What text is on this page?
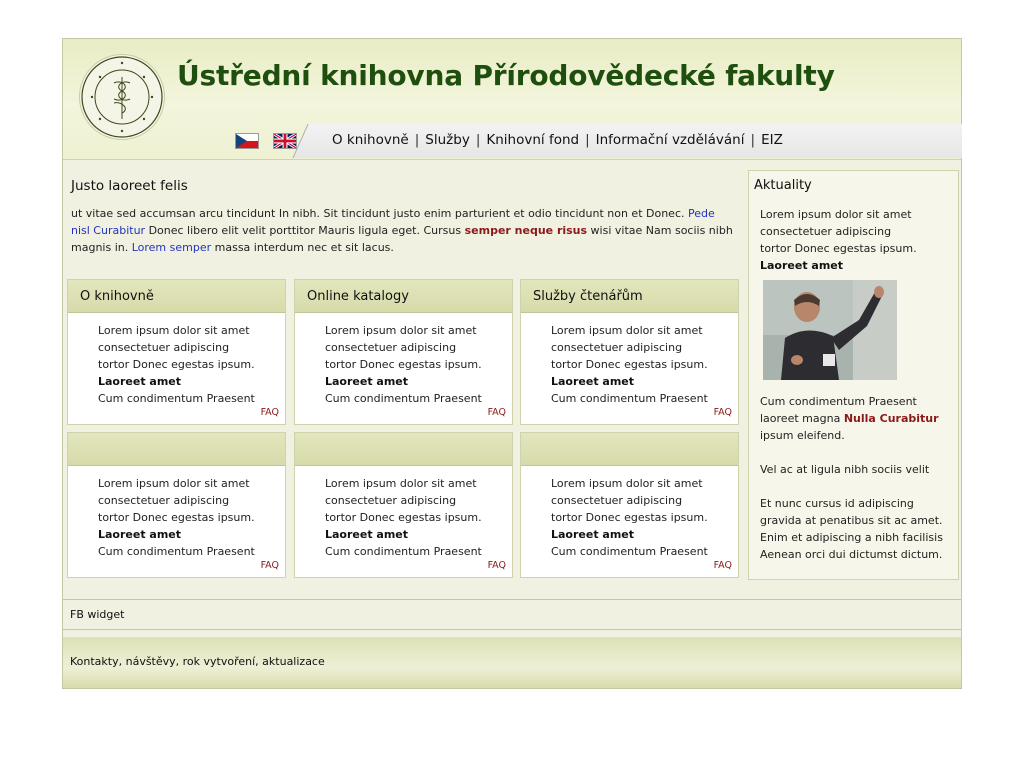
Ústřední knihovna Přírodovědecké fakulty
O knihovně | Služby | Knihovní fond | Informační vzdělávání | EIZ
Justo laoreet felis

ut vitae sed accumsan arcu tincidunt In nibh. Sit tincidunt justo enim parturient et odio tincidunt non et Donec. Pede nisl Curabitur Donec libero elit velit porttitor Mauris ligula eget. Cursus semper neque risus wisi vitae Nam sociis nibh magnis in. Lorem semper massa interdum nec et sit lacus.

O knihovně
Lorem ipsum dolor sit amet
consectetuer adipiscing
tortor Donec egestas ipsum.
Laoreet amet
Cum condimentum Praesent
FAQ
Online katalogy
Lorem ipsum dolor sit amet
consectetuer adipiscing
tortor Donec egestas ipsum.
Laoreet amet
Cum condimentum Praesent
FAQ
Služby čtenářům
Lorem ipsum dolor sit amet
consectetuer adipiscing
tortor Donec egestas ipsum.
Laoreet amet
Cum condimentum Praesent
FAQ
Lorem ipsum dolor sit amet
consectetuer adipiscing
tortor Donec egestas ipsum.
Laoreet amet
Cum condimentum Praesent
FAQ
Lorem ipsum dolor sit amet
consectetuer adipiscing
tortor Donec egestas ipsum.
Laoreet amet
Cum condimentum Praesent
FAQ
Lorem ipsum dolor sit amet
consectetuer adipiscing
tortor Donec egestas ipsum.
Laoreet amet
Cum condimentum Praesent
FAQ
Aktuality
Lorem ipsum dolor sit amet
consectetuer adipiscing
tortor Donec egestas ipsum.
Laoreet amet

Cum condimentum Praesent laoreet magna Nulla Curabitur ipsum eleifend.

Vel ac at ligula nibh sociis velit

Et nunc cursus id adipiscing gravida at penatibus sit ac amet. Enim et adipiscing a nibh facilisis Aenean orci dui dictumst dictum.

FB widget
Kontakty, návštěvy, rok vytvoření, aktualizace
